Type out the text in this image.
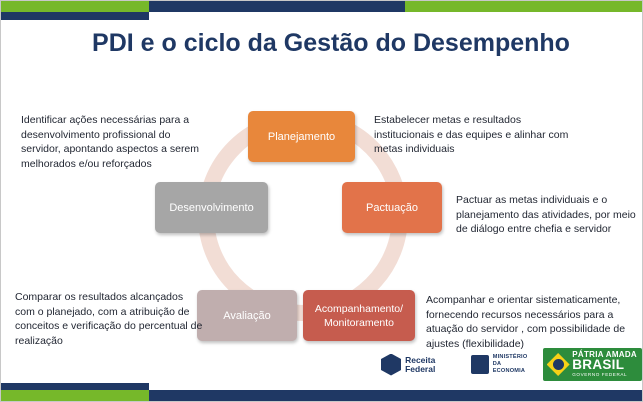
PDI e o ciclo da Gestão do Desempenho
Planejamento
Pactuação
Acompanhamento/ Monitoramento
Avaliação
Desenvolvimento
Identificar ações necessárias para a desenvolvimento profissional do servidor, apontando aspectos a serem melhorados e/ou reforçados
Estabelecer metas e resultados institucionais e das equipes e alinhar com metas individuais
Pactuar as metas individuais e o planejamento das atividades, por meio de diálogo entre chefia e servidor
Acompanhar e orientar sistematicamente, fornecendo recursos necessários para a atuação do servidor , com possibilidade de ajustes (flexibilidade)
Comparar os resultados alcançados com o planejado, com a atribuição de conceitos e verificação do percentual de realização
Receita Federal
MINISTÉRIO DA
ECONOMIA
PÁTRIA AMADA
BRASIL
GOVERNO FEDERAL
